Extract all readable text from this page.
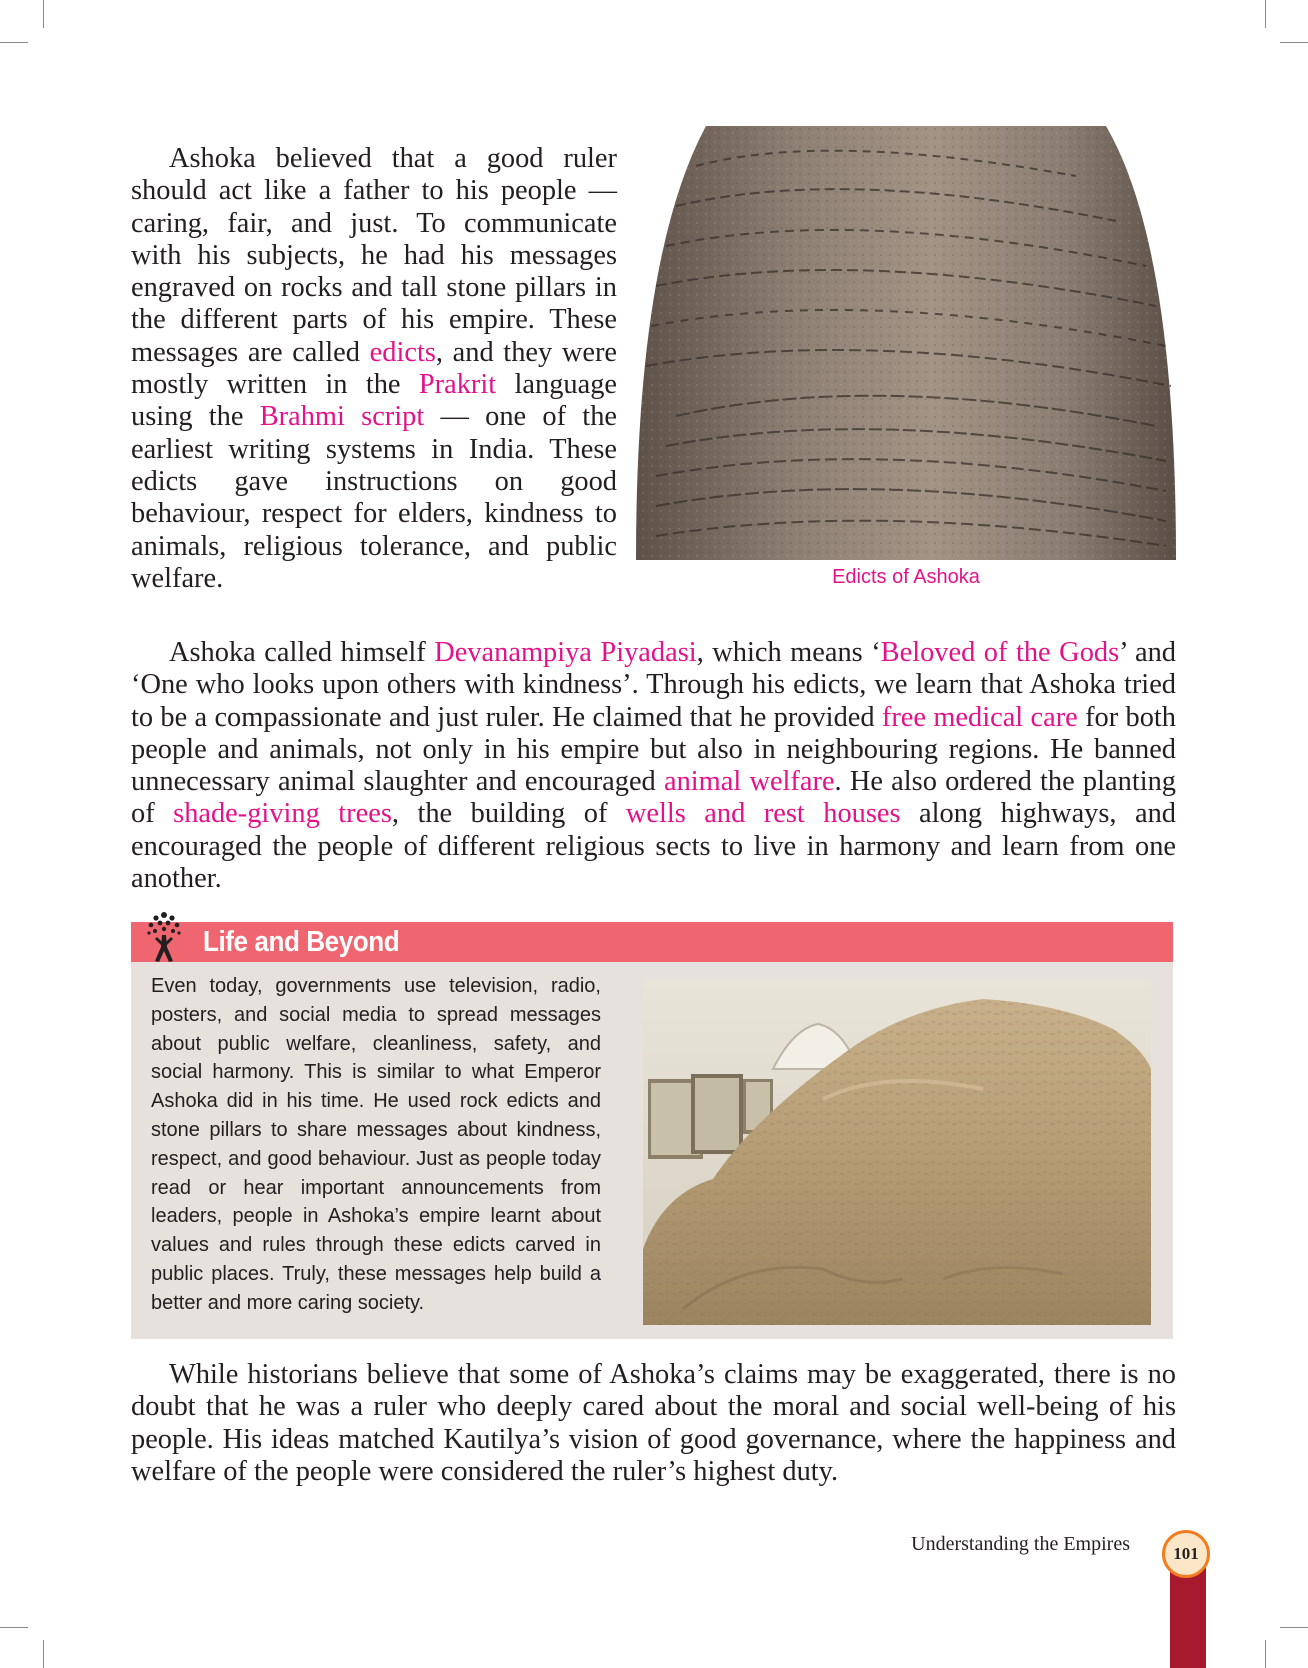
Ashoka believed that a good ruler should act like a father to his people — caring, fair, and just. To communicate with his subjects, he had his messages engraved on rocks and tall stone pillars in the different parts of his empire. These messages are called edicts, and they were mostly written in the Prakrit language using the Brahmi script — one of the earliest writing systems in India. These edicts gave instructions on good behaviour, respect for elders, kindness to animals, religious tolerance, and public welfare.	Edicts of Ashoka

Ashoka called himself Devanampiya Piyadasi, which means ‘Beloved of the Gods’ and ‘One who looks upon others with kindness’. Through his edicts, we learn that Ashoka tried to be a compassionate and just ruler. He claimed that he provided free medical care for both people and animals, not only in his empire but also in neighbouring regions. He banned unnecessary animal slaughter and encouraged animal welfare. He also ordered the planting of shade-giving trees, the building of wells and rest houses along highways, and encouraged the people of different religious sects to live in harmony and learn from one another.

Life and Beyond

Even today, governments use television, radio, posters, and social media to spread messages about public welfare, cleanliness, safety, and social harmony. This is similar to what Emperor Ashoka did in his time. He used rock edicts and stone pillars to share messages about kindness, respect, and good behaviour. Just as people today read or hear important announcements from leaders, people in Ashoka’s empire learnt about values and rules through these edicts carved in public places. Truly, these messages help build a better and more caring society.

While historians believe that some of Ashoka’s claims may be exaggerated, there is no doubt that he was a ruler who deeply cared about the moral and social well-being of his people. His ideas matched Kautilya’s vision of good governance, where the happiness and welfare of the people were considered the ruler’s highest duty.

Understanding the Empires	101
